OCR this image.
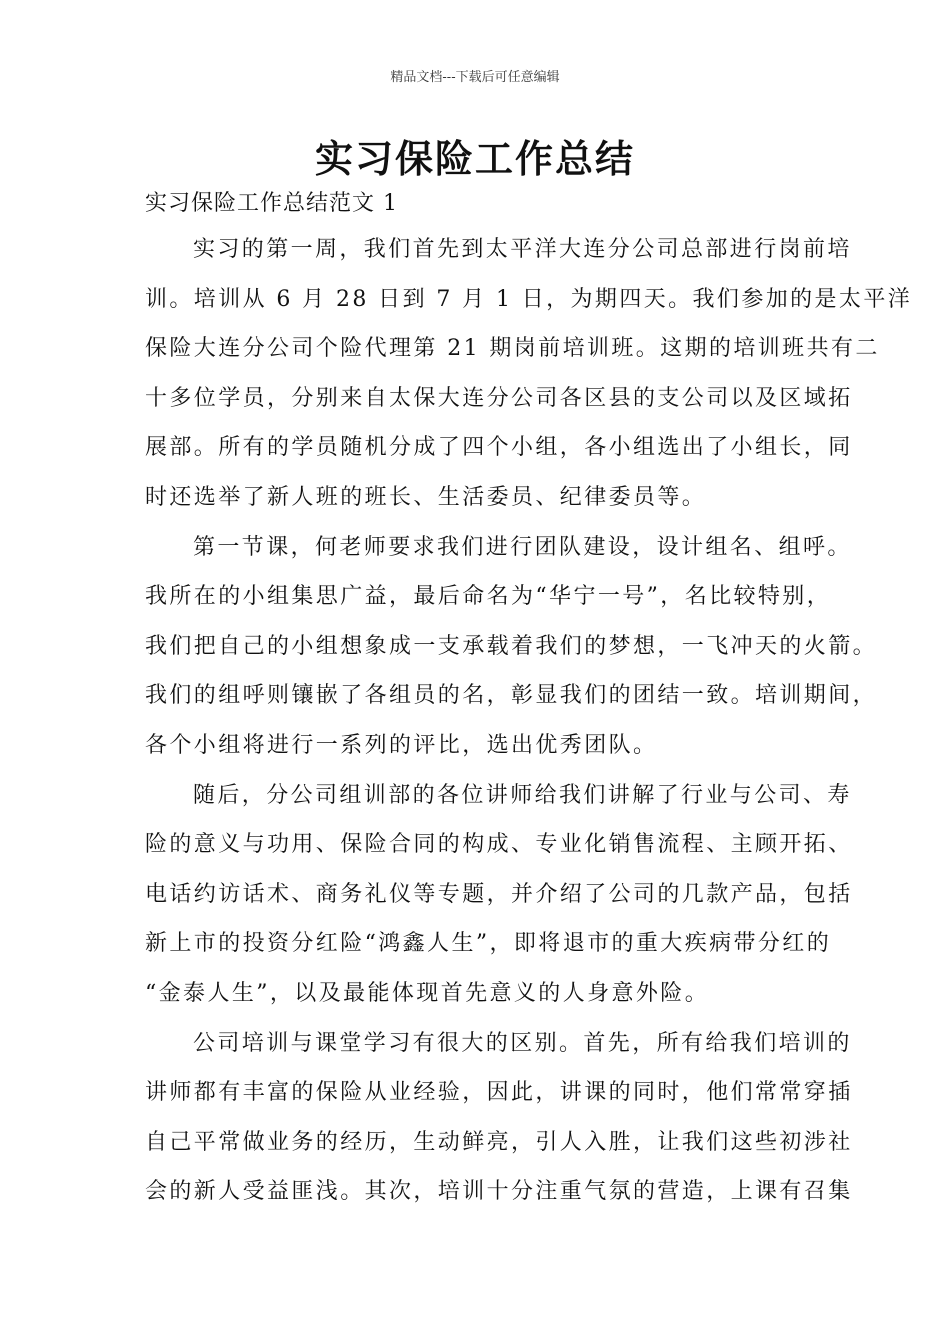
精品文档---下载后可任意编辑
实习保险工作总结
实习保险工作总结范文 1
实习的第一周，我们首先到太平洋大连分公司总部进行岗前培
训。培训从 6 月 28 日到 7 月 1 日，为期四天。我们参加的是太平洋
保险大连分公司个险代理第 21 期岗前培训班。这期的培训班共有二
十多位学员，分别来自太保大连分公司各区县的支公司以及区域拓
展部。所有的学员随机分成了四个小组，各小组选出了小组长，同
时还选举了新人班的班长、生活委员、纪律委员等。
第一节课，何老师要求我们进行团队建设，设计组名、组呼。
我所在的小组集思广益，最后命名为“华宁一号”，名比较特别，
我们把自己的小组想象成一支承载着我们的梦想，一飞冲天的火箭。
我们的组呼则镶嵌了各组员的名，彰显我们的团结一致。培训期间，
各个小组将进行一系列的评比，选出优秀团队。
随后，分公司组训部的各位讲师给我们讲解了行业与公司、寿
险的意义与功用、保险合同的构成、专业化销售流程、主顾开拓、
电话约访话术、商务礼仪等专题，并介绍了公司的几款产品，包括
新上市的投资分红险“鸿鑫人生”，即将退市的重大疾病带分红的
“金泰人生”，以及最能体现首先意义的人身意外险。
公司培训与课堂学习有很大的区别。首先，所有给我们培训的
讲师都有丰富的保险从业经验，因此，讲课的同时，他们常常穿插
自己平常做业务的经历，生动鲜亮，引人入胜，让我们这些初涉社
会的新人受益匪浅。其次，培训十分注重气氛的营造，上课有召集
